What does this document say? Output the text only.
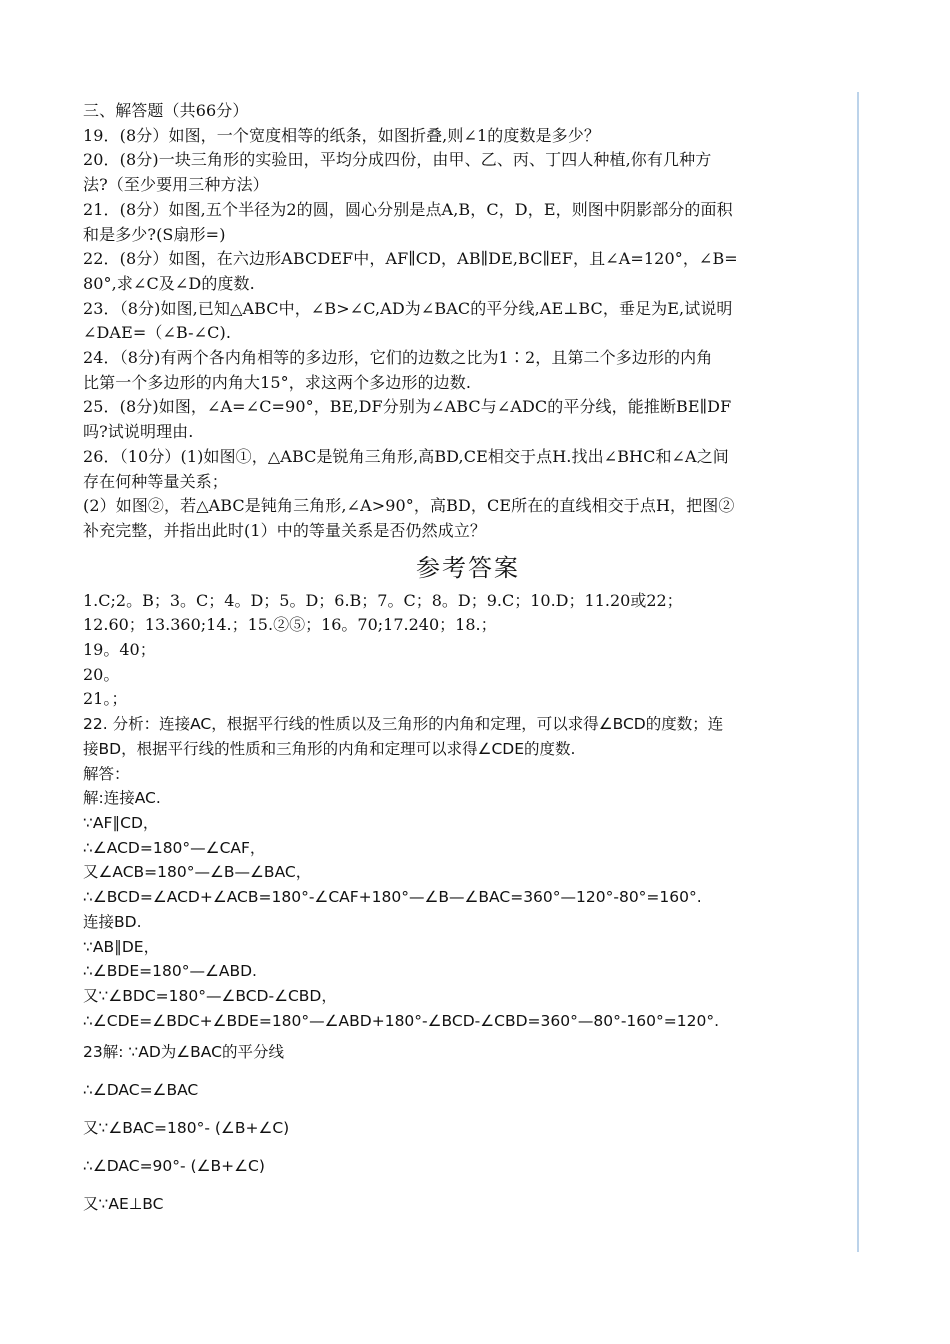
三、解答题（共66分）
19．(8分）如图，一个宽度相等的纸条，如图折叠,则∠1的度数是多少？
20．(8分)一块三角形的实验田，平均分成四份，由甲、乙、丙、丁四人种植,你有几种方
法?（至少要用三种方法）
21．(8分）如图,五个半径为2的圆，圆心分别是点A,B，C，D，E，则图中阴影部分的面积
和是多少?(S扇形=)
22．(8分）如图，在六边形ABCDEF中，AF∥CD，AB∥DE,BC∥EF，且∠A=120°，∠B=
80°,求∠C及∠D的度数.
23．（8分)如图,已知△ABC中，∠B>∠C,AD为∠BAC的平分线,AE⊥BC，垂足为E,试说明
∠DAE=（∠B-∠C).
24．（8分)有两个各内角相等的多边形，它们的边数之比为1∶2，且第二个多边形的内角
比第一个多边形的内角大15°，求这两个多边形的边数.
25．(8分)如图，∠A=∠C=90°，BE,DF分别为∠ABC与∠ADC的平分线，能推断BE∥DF
吗?试说明理由.
26．（10分）(1)如图①，△ABC是锐角三角形,高BD,CE相交于点H.找出∠BHC和∠A之间
存在何种等量关系；
(2）如图②，若△ABC是钝角三角形,∠A>90°，高BD，CE所在的直线相交于点H，把图②
补充完整，并指出此时(1）中的等量关系是否仍然成立？
参考答案
1.C;2。B；3。C；4。D；5。D；6.B；7。C；8。D；9.C；10.D；11.20或22；
12.60；13.360;14.；15.②⑤；16。70;17.240；18.；
19。40；
20。
21。；
22. 分析：连接AC，根据平行线的性质以及三角形的内角和定理，可以求得∠BCD的度数；连
接BD，根据平行线的性质和三角形的内角和定理可以求得∠CDE的度数.
解答：
解:连接AC.
∵AF∥CD，
∴∠ACD=180°—∠CAF，
又∠ACB=180°—∠B—∠BAC，
∴∠BCD=∠ACD+∠ACB=180°-∠CAF+180°—∠B—∠BAC=360°—120°-80°=160°.
连接BD.
∵AB∥DE，
∴∠BDE=180°—∠ABD.
又∵∠BDC=180°—∠BCD-∠CBD，
∴∠CDE=∠BDC+∠BDE=180°—∠ABD+180°-∠BCD-∠CBD=360°—80°-160°=120°.
23解: ∵AD为∠BAC的平分线
∴∠DAC=∠BAC
又∵∠BAC=180°- (∠B+∠C)
∴∠DAC=90°- (∠B+∠C)
又∵AE⊥BC
